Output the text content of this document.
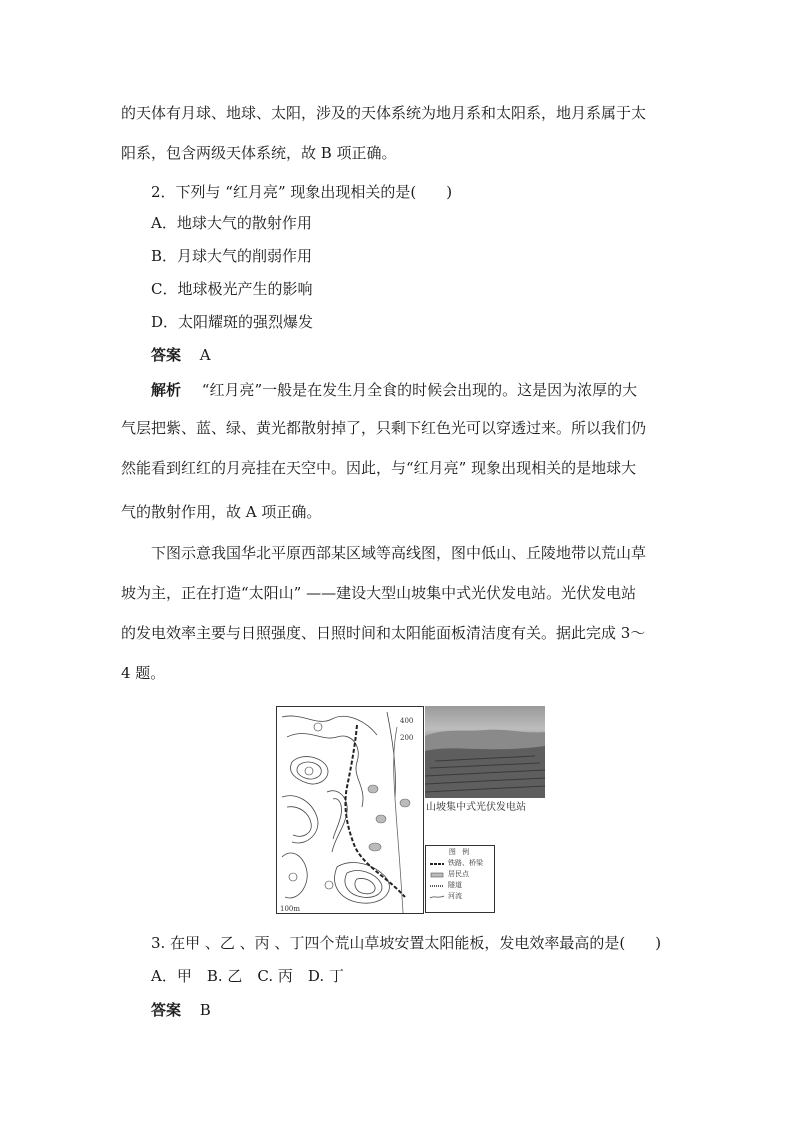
的天体有月球、地球、太阳，涉及的天体系统为地月系和太阳系，地月系属于太
阳系，包含两级天体系统，故 B 项正确。
2．下列与 “红月亮” 现象出现相关的是(　　)
A．地球大气的散射作用
B．月球大气的削弱作用
C．地球极光产生的影响
D．太阳耀斑的强烈爆发
答案 A
解析 “红月亮”一般是在发生月全食的时候会出现的。这是因为浓厚的大
气层把紫、蓝、绿、黄光都散射掉了，只剩下红色光可以穿透过来。所以我们仍
然能看到红红的月亮挂在天空中。因此，与“红月亮” 现象出现相关的是地球大
气的散射作用，故 A 项正确。
下图示意我国华北平原西部某区域等高线图，图中低山、丘陵地带以荒山草
坡为主，正在打造“太阳山” ——建设大型山坡集中式光伏发电站。光伏发电站
的发电效率主要与日照强度、日照时间和太阳能面板清洁度有关。据此完成 3～
4 题。
400
200
100m
山坡集中式光伏发电站
图 例
铁路、桥梁
居民点
隧道
河流
3. 在甲 、乙 、丙 、丁四个荒山草坡安置太阳能板，发电效率最高的是(　　)
A．甲　B. 乙　C. 丙　D. 丁
答案 B
